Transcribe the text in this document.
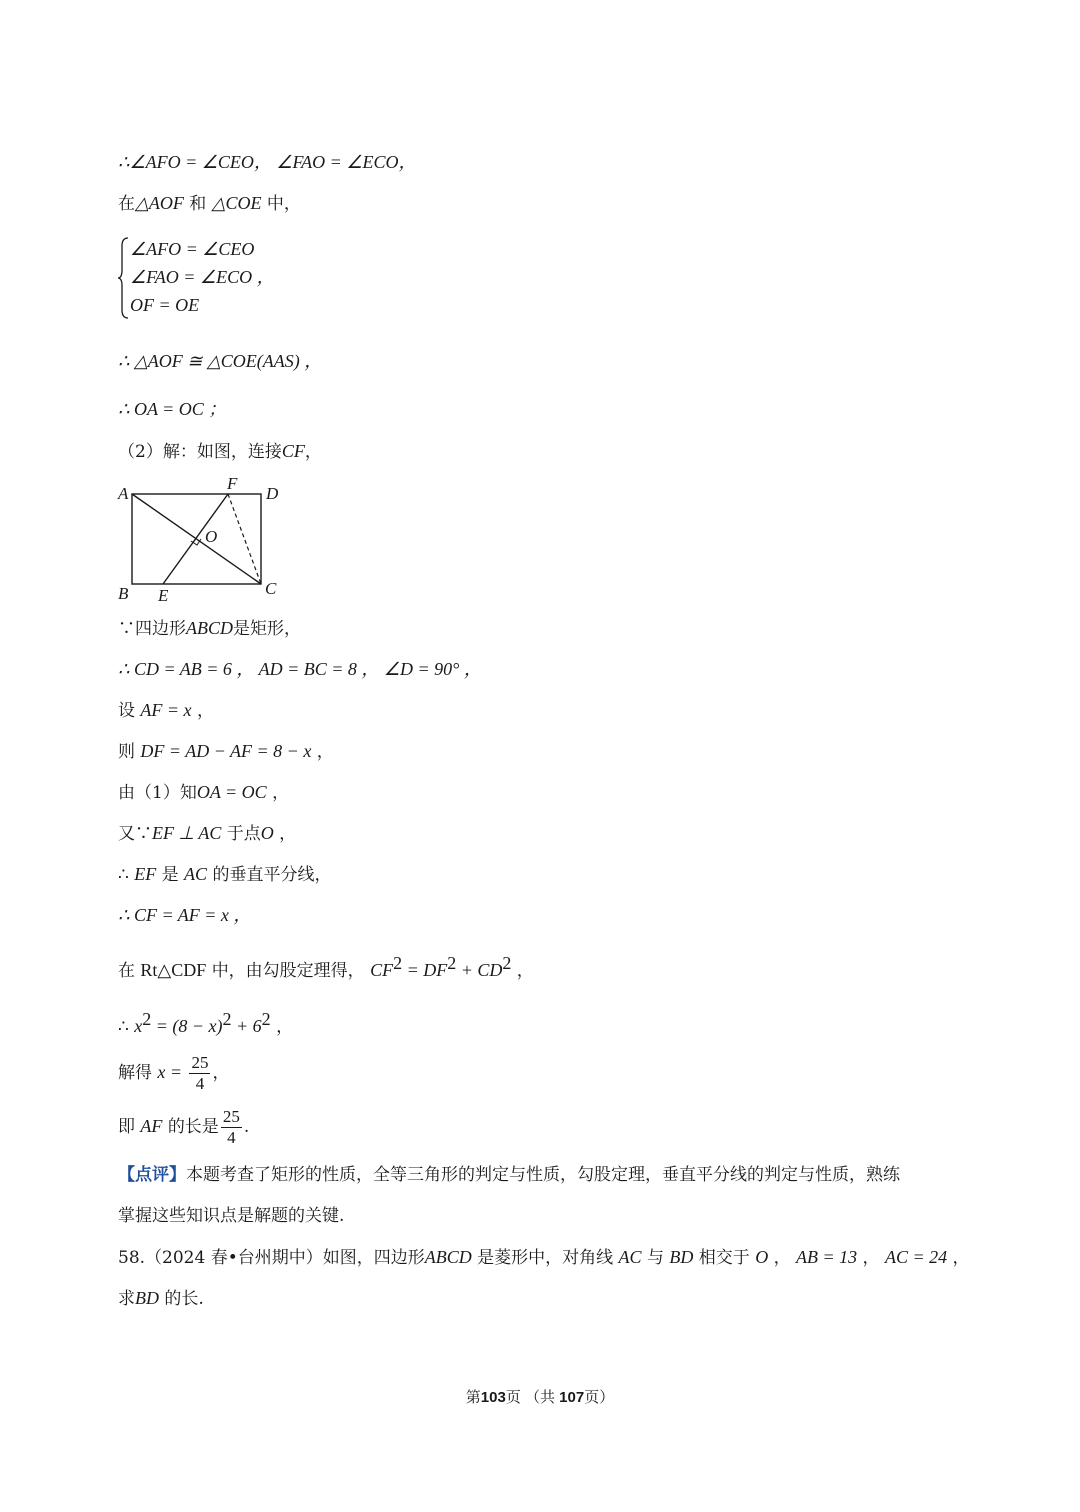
∴∠AFO = ∠CEO， ∠FAO = ∠ECO，
在△AOF 和 △COE 中，
∠AFO = ∠CEO
∠FAO = ∠ECO ，
OF = OE
∴ △AOF ≅ △COE(AAS) ，
∴ OA = OC ；
（2）解：如图，连接CF，
A
F
D
O
B E	C
∵四边形ABCD是矩形，
∴ CD = AB = 6 ， AD = BC = 8 ， ∠D = 90° ，
设 AF = x ，
则 DF = AD − AF = 8 − x ，
由（1）知OA = OC ，
又∵EF ⊥ AC 于点O ，
∴ EF 是 AC 的垂直平分线，
∴ CF = AF = x ，
在 Rt△CDF 中，由勾股定理得， $CF^2 = DF^2 + CD^2$ ，
∴ $x^2 = (8 - x)^2 + 6^2$ ，
解得 $x = \frac{25}{4}$ ，
即 AF 的长是 $\frac{25}{4}$ .
【点评】本题考查了矩形的性质，全等三角形的判定与性质，勾股定理，垂直平分线的判定与性质，熟练
掌握这些知识点是解题的关键.
58.（2024 春•台州期中）如图，四边形ABCD 是菱形中，对角线 AC 与 BD 相交于 O ， AB = 13 ， AC = 24 ，
求BD 的长.
第103页 （共 107页）
